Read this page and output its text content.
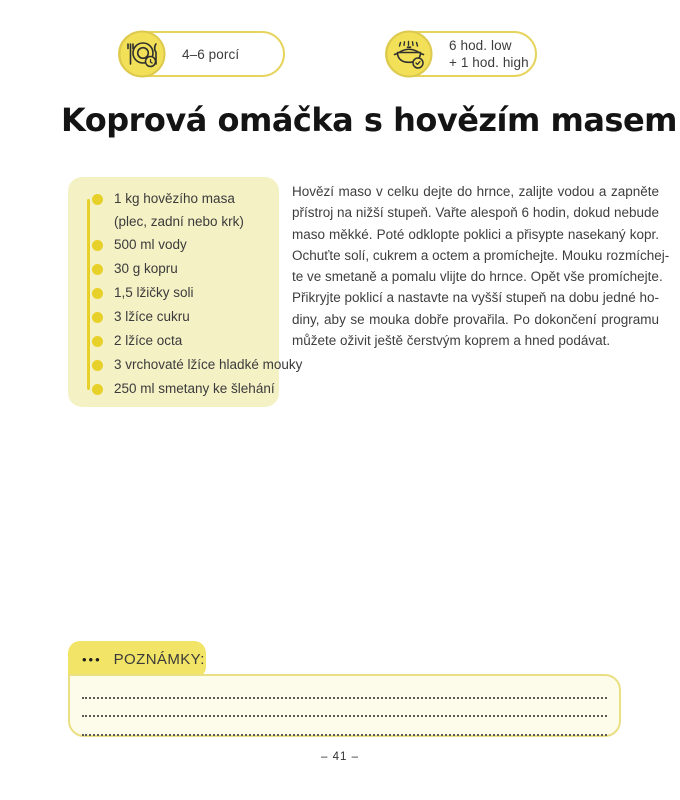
4–6 porcí
6 hod. low
+ 1 hod. high
Koprová omáčka s hovězím masem
1 kg hovězího masa
(plec, zadní nebo krk)
500 ml vody
30 g kopru
1,5 lžičky soli
3 lžíce cukru
2 lžíce octa
3 vrchovaté lžíce hladké mouky
250 ml smetany ke šlehání
Hovězí maso v celku dejte do hrnce, zalijte vodou a zapněte
přístroj na nižší stupeň. Vařte alespoň 6 hodin, dokud nebude
maso měkké. Poté odklopte poklici a přisypte nasekaný kopr.
Ochuťte solí, cukrem a octem a promíchejte. Mouku rozmíchej-
te ve smetaně a pomalu vlijte do hrnce. Opět vše promíchejte.
Přikryjte poklicí a nastavte na vyšší stupeň na dobu jedné ho-
diny, aby se mouka dobře provařila. Po dokončení programu
můžete oživit ještě čerstvým koprem a hned podávat.
••• POZNÁMKY:
– 41 –
